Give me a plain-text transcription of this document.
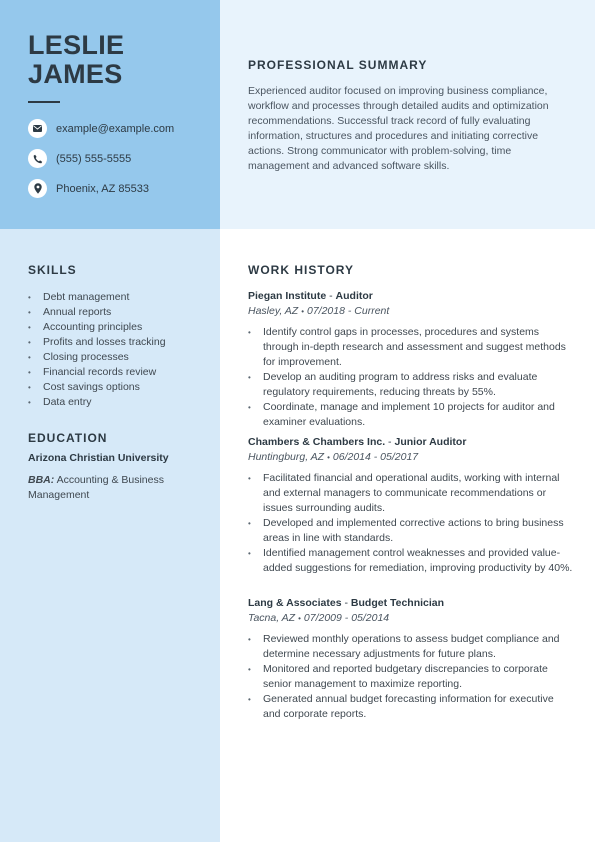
LESLIE
JAMES
example@example.com
(555) 555-5555
Phoenix, AZ 85533
PROFESSIONAL SUMMARY
Experienced auditor focused on improving business compliance, workflow and processes through detailed audits and optimization recommendations. Successful track record of fully evaluating information, structures and procedures and initiating corrective actions. Strong communicator with problem-solving, time management and advanced software skills.
SKILLS
• Debt management
• Annual reports
• Accounting principles
• Profits and losses tracking
• Closing processes
• Financial records review
• Cost savings options
• Data entry
EDUCATION
Arizona Christian University
BBA: Accounting & Business Management
WORK HISTORY
Piegan Institute - Auditor
Hasley, AZ • 07/2018 - Current
• Identify control gaps in processes, procedures and systems through in-depth research and assessment and suggest methods for improvement.
• Develop an auditing program to address risks and evaluate regulatory requirements, reducing threats by 55%.
• Coordinate, manage and implement 10 projects for auditor and examiner evaluations.
Chambers & Chambers Inc. - Junior Auditor
Huntingburg, AZ • 06/2014 - 05/2017
• Facilitated financial and operational audits, working with internal and external managers to communicate recommendations or issues surrounding audits.
• Developed and implemented corrective actions to bring business areas in line with standards.
• Identified management control weaknesses and provided value-added suggestions for remediation, improving productivity by 40%.
Lang & Associates - Budget Technician
Tacna, AZ • 07/2009 - 05/2014
• Reviewed monthly operations to assess budget compliance and determine necessary adjustments for future plans.
• Monitored and reported budgetary discrepancies to corporate senior management to maximize reporting.
• Generated annual budget forecasting information for executive and corporate reports.
